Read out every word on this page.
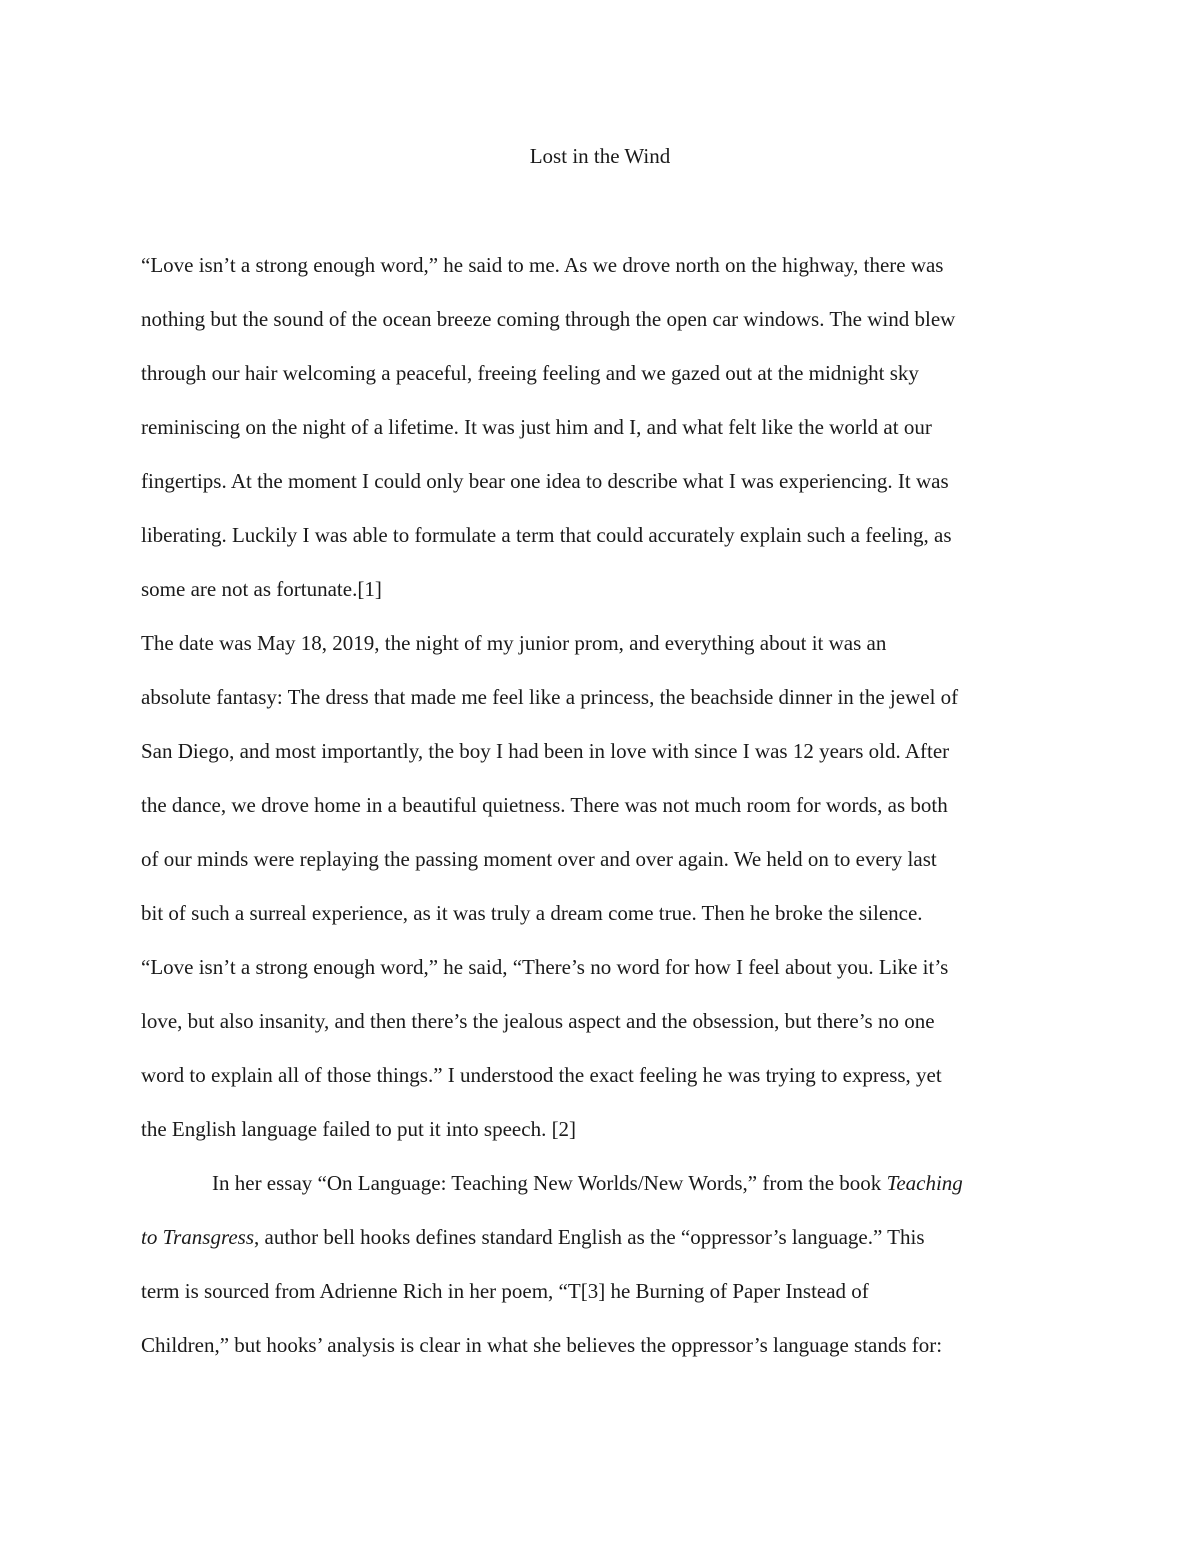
Lost in the Wind
“Love isn’t a strong enough word,” he said to me. As we drove north on the highway, there was
nothing but the sound of the ocean breeze coming through the open car windows. The wind blew
through our hair welcoming a peaceful, freeing feeling and we gazed out at the midnight sky
reminiscing on the night of a lifetime. It was just him and I, and what felt like the world at our
fingertips. At the moment I could only bear one idea to describe what I was experiencing. It was
liberating. Luckily I was able to formulate a term that could accurately explain such a feeling, as
some are not as fortunate.[1]
The date was May 18, 2019, the night of my junior prom, and everything about it was an
absolute fantasy: The dress that made me feel like a princess, the beachside dinner in the jewel of
San Diego, and most importantly, the boy I had been in love with since I was 12 years old. After
the dance, we drove home in a beautiful quietness. There was not much room for words, as both
of our minds were replaying the passing moment over and over again. We held on to every last
bit of such a surreal experience, as it was truly a dream come true. Then he broke the silence.
“Love isn’t a strong enough word,” he said, “There’s no word for how I feel about you. Like it’s
love, but also insanity, and then there’s the jealous aspect and the obsession, but there’s no one
word to explain all of those things.” I understood the exact feeling he was trying to express, yet
the English language failed to put it into speech. [2]
In her essay “On Language: Teaching New Worlds/New Words,” from the book Teaching
to Transgress, author bell hooks defines standard English as the “oppressor’s language.” This
term is sourced from Adrienne Rich in her poem, “T[3] he Burning of Paper Instead of
Children,” but hooks’ analysis is clear in what she believes the oppressor’s language stands for:
